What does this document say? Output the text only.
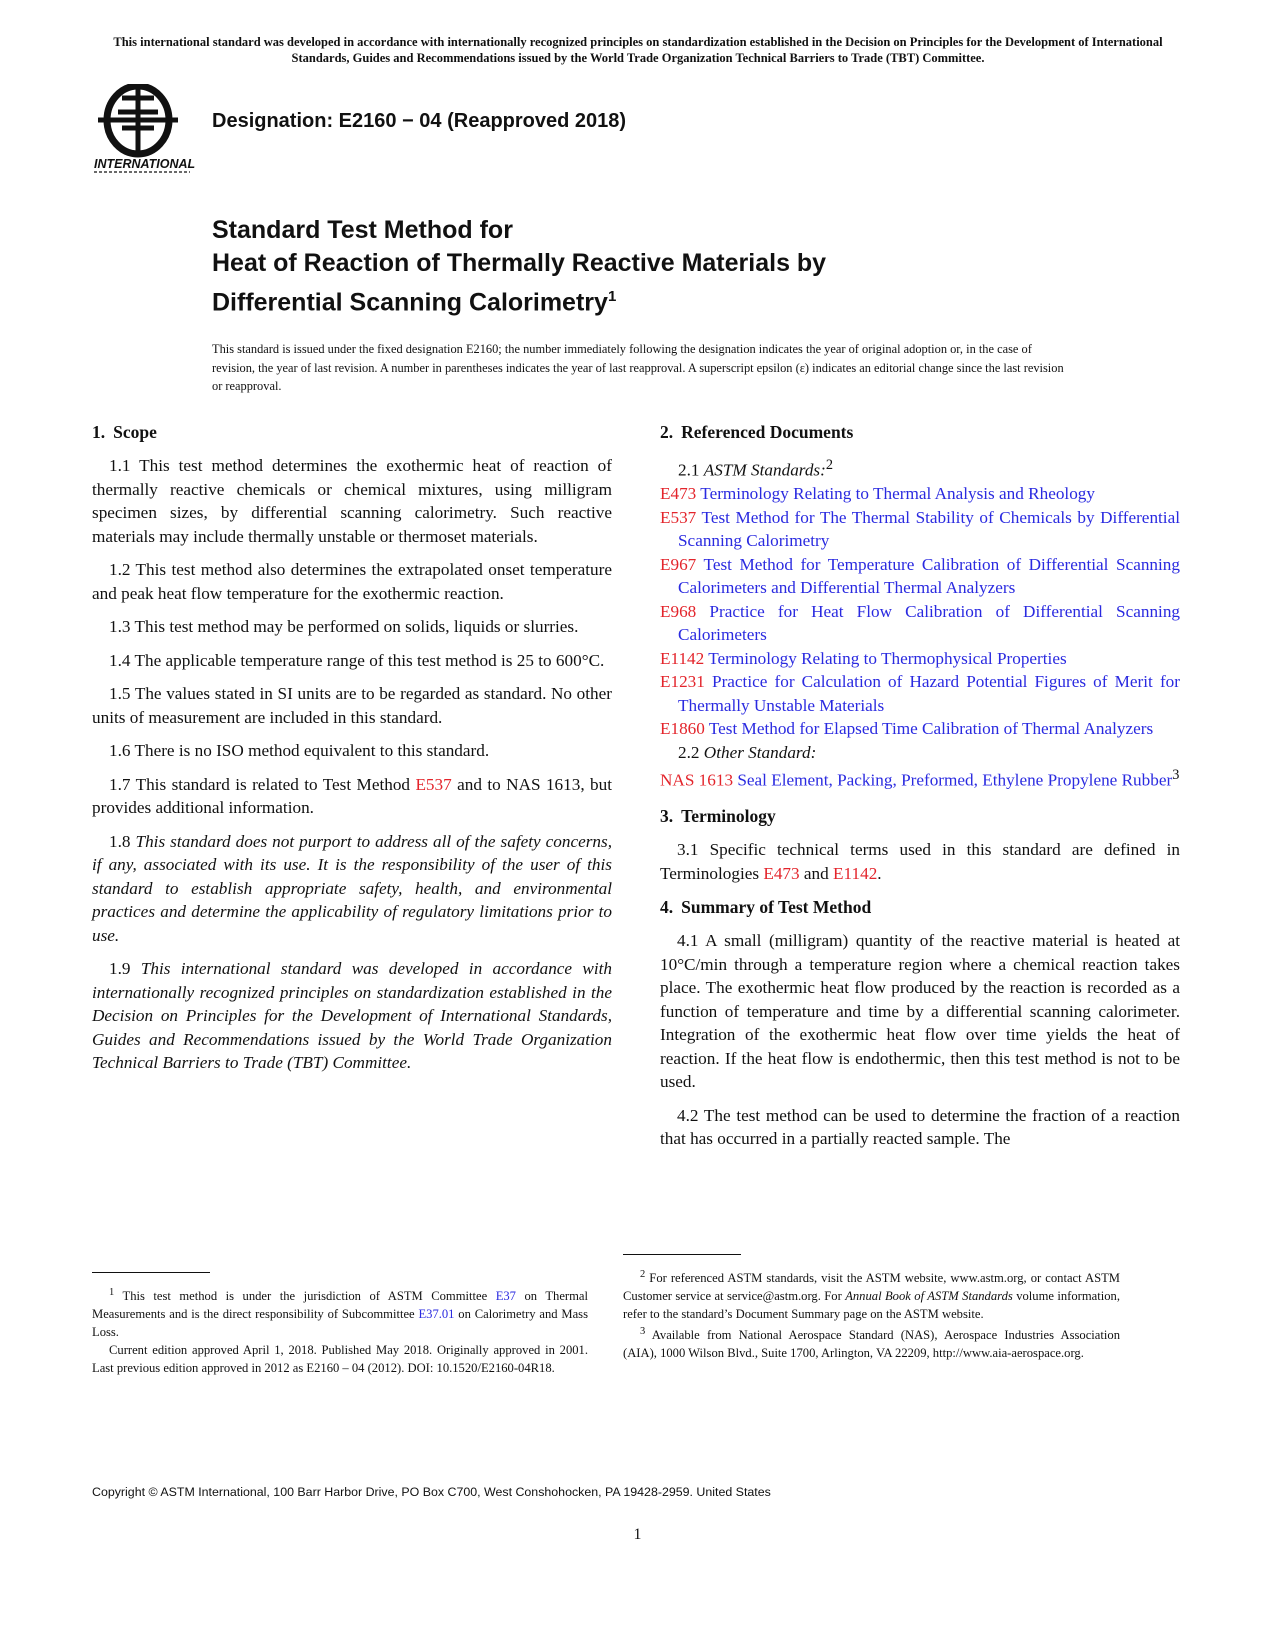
This international standard was developed in accordance with internationally recognized principles on standardization established in the Decision on Principles for the Development of International Standards, Guides and Recommendations issued by the World Trade Organization Technical Barriers to Trade (TBT) Committee.
INTERNATIONAL
Designation: E2160 − 04 (Reapproved 2018)
Standard Test Method for
Heat of Reaction of Thermally Reactive Materials by
Differential Scanning Calorimetry$^1$
This standard is issued under the fixed designation E2160; the number immediately following the designation indicates the year of original adoption or, in the case of revision, the year of last revision. A number in parentheses indicates the year of last reapproval. A superscript epsilon (ε) indicates an editorial change since the last revision or reapproval.
1. Scope

1.1 This test method determines the exothermic heat of reaction of thermally reactive chemicals or chemical mixtures, using milligram specimen sizes, by differential scanning calorimetry. Such reactive materials may include thermally unstable or thermoset materials.

1.2 This test method also determines the extrapolated onset temperature and peak heat flow temperature for the exothermic reaction.

1.3 This test method may be performed on solids, liquids or slurries.

1.4 The applicable temperature range of this test method is 25 to 600°C.

1.5 The values stated in SI units are to be regarded as standard. No other units of measurement are included in this standard.

1.6 There is no ISO method equivalent to this standard.

1.7 This standard is related to Test Method E537 and to NAS 1613, but provides additional information.

1.8 This standard does not purport to address all of the safety concerns, if any, associated with its use. It is the responsibility of the user of this standard to establish appropriate safety, health, and environmental practices and determine the applicability of regulatory limitations prior to use.

1.9 This international standard was developed in accordance with internationally recognized principles on standardization established in the Decision on Principles for the Development of International Standards, Guides and Recommendations issued by the World Trade Organization Technical Barriers to Trade (TBT) Committee.

2. Referenced Documents

2.1 ASTM Standards:$^2$

E473 Terminology Relating to Thermal Analysis and Rheology

E537 Test Method for The Thermal Stability of Chemicals by Differential Scanning Calorimetry

E967 Test Method for Temperature Calibration of Differential Scanning Calorimeters and Differential Thermal Analyzers

E968 Practice for Heat Flow Calibration of Differential Scanning Calorimeters

E1142 Terminology Relating to Thermophysical Properties

E1231 Practice for Calculation of Hazard Potential Figures of Merit for Thermally Unstable Materials

E1860 Test Method for Elapsed Time Calibration of Thermal Analyzers

2.2 Other Standard:

NAS 1613 Seal Element, Packing, Preformed, Ethylene Propylene Rubber$^3$

3. Terminology

3.1 Specific technical terms used in this standard are defined in Terminologies E473 and E1142.

4. Summary of Test Method

4.1 A small (milligram) quantity of the reactive material is heated at 10°C/min through a temperature region where a chemical reaction takes place. The exothermic heat flow produced by the reaction is recorded as a function of temperature and time by a differential scanning calorimeter. Integration of the exothermic heat flow over time yields the heat of reaction. If the heat flow is endothermic, then this test method is not to be used.

4.2 The test method can be used to determine the fraction of a reaction that has occurred in a partially reacted sample. The

$^1$ This test method is under the jurisdiction of ASTM Committee E37 on Thermal Measurements and is the direct responsibility of Subcommittee E37.01 on Calorimetry and Mass Loss.

Current edition approved April 1, 2018. Published May 2018. Originally approved in 2001. Last previous edition approved in 2012 as E2160 – 04 (2012). DOI: 10.1520/E2160-04R18.

$^2$ For referenced ASTM standards, visit the ASTM website, www.astm.org, or contact ASTM Customer service at service@astm.org. For Annual Book of ASTM Standards volume information, refer to the standard’s Document Summary page on the ASTM website.

$^3$ Available from National Aerospace Standard (NAS), Aerospace Industries Association (AIA), 1000 Wilson Blvd., Suite 1700, Arlington, VA 22209, http://www.aia-aerospace.org.

Copyright © ASTM International, 100 Barr Harbor Drive, PO Box C700, West Conshohocken, PA 19428-2959. United States
1
